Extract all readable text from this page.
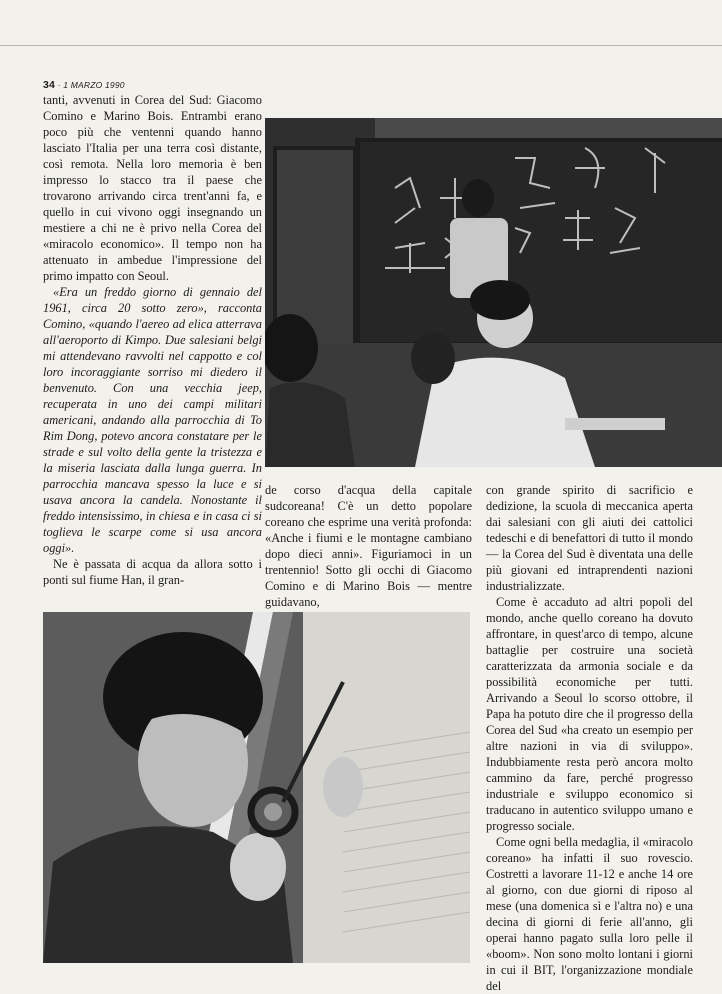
34 · 1 MARZO 1990

tanti, avvenuti in Corea del Sud: Giacomo Comino e Marino Bois. Entrambi erano poco più che ventenni quando hanno lasciato l'Italia per una terra così distante, così remota. Nella loro memoria è ben impresso lo stacco tra il paese che trovarono arrivando circa trent'anni fa, e quello in cui vivono oggi insegnando un mestiere a chi ne è privo nella Corea del «miracolo economico». Il tempo non ha attenuato in ambedue l'impressione del primo impatto con Seoul.

«Era un freddo giorno di gennaio del 1961, circa 20 sotto zero», racconta Comino, «quando l'aereo ad elica atterrava all'aeroporto di Kimpo. Due salesiani belgi mi attendevano ravvolti nel cappotto e col loro incoraggiante sorriso mi diedero il benvenuto. Con una vecchia jeep, recuperata in uno dei campi militari americani, andando alla parrocchia di To Rim Dong, potevo ancora constatare per le strade e sul volto della gente la tristezza e la miseria lasciata dalla lunga guerra. In parrocchia mancava spesso la luce e si usava ancora la candela. Nonostante il freddo intensissimo, in chiesa e in casa ci si toglieva le scarpe come si usa ancora oggi».

Ne è passata di acqua da allora sotto i ponti sul fiume Han, il gran-

de corso d'acqua della capitale sudcoreana! C'è un detto popolare coreano che esprime una verità profonda: «Anche i fiumi e le montagne cambiano dopo dieci anni». Figuriamoci in un trentennio! Sotto gli occhi di Giacomo Comino e di Marino Bois — mentre guidavano,

con grande spirito di sacrificio e dedizione, la scuola di meccanica aperta dai salesiani con gli aiuti dei cattolici tedeschi e di benefattori di tutto il mondo — la Corea del Sud è diventata una delle più giovani ed intraprendenti nazioni industrializzate.

Come è accaduto ad altri popoli del mondo, anche quello coreano ha dovuto affrontare, in quest'arco di tempo, alcune battaglie per costruire una società caratterizzata da armonia sociale e da possibilità economiche per tutti. Arrivando a Seoul lo scorso ottobre, il Papa ha potuto dire che il progresso della Corea del Sud «ha creato un esempio per altre nazioni in via di sviluppo». Indubbiamente resta però ancora molto cammino da fare, perché progresso industriale e sviluppo economico si traducano in autentico sviluppo umano e progresso sociale.

Come ogni bella medaglia, il «miracolo coreano» ha infatti il suo rovescio. Costretti a lavorare 11-12 e anche 14 ore al giorno, con due giorni di riposo al mese (una domenica sì e l'altra no) e una decina di giorni di ferie all'anno, gli operai hanno pagato sulla loro pelle il «boom». Non sono molto lontani i giorni in cui il BIT, l'organizzazione mondiale del
